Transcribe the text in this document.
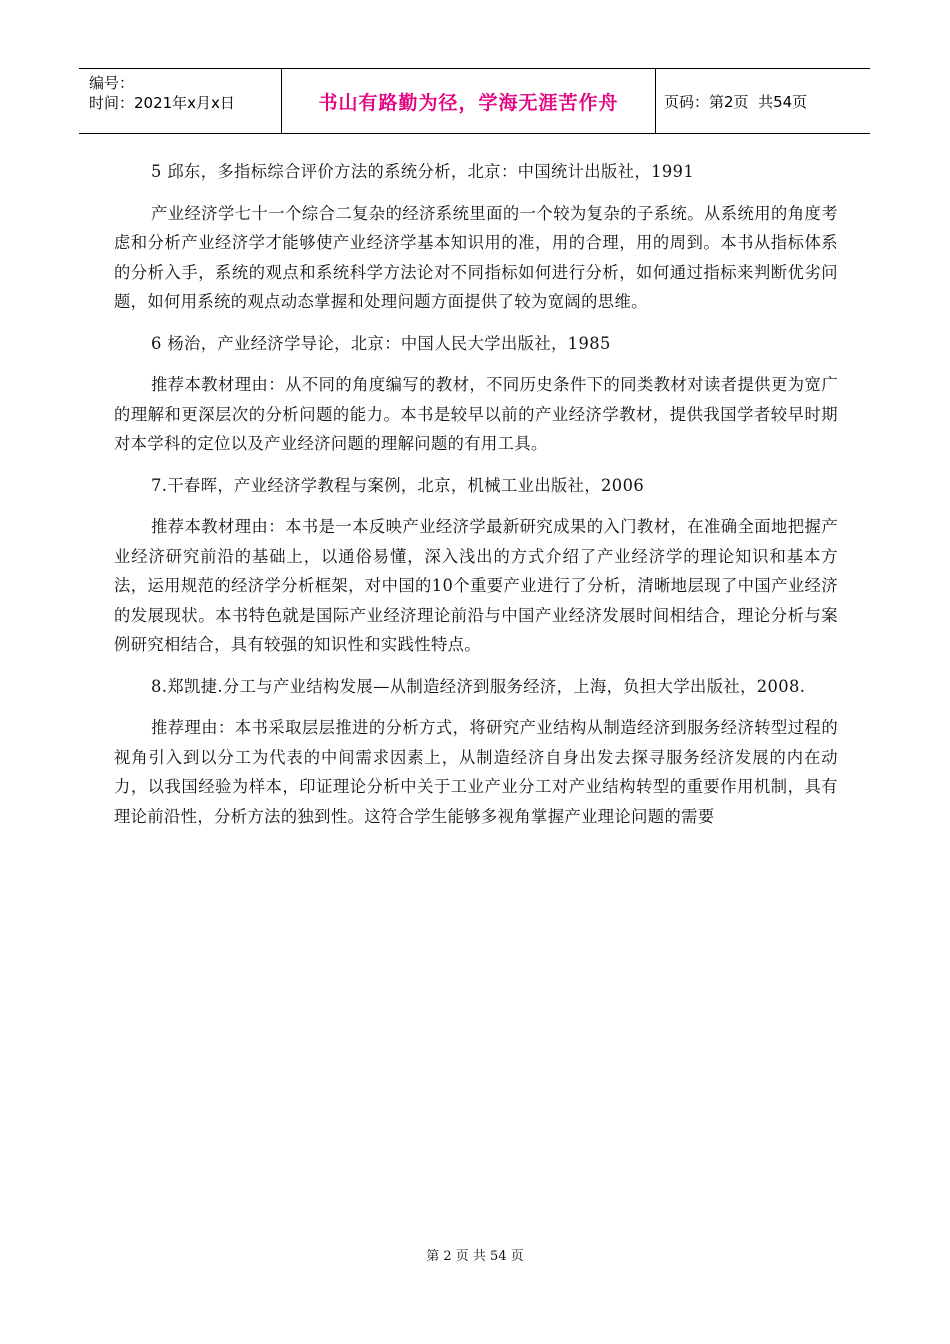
编号：
时间：2021年x月x日	书山有路勤为径，学海无涯苦作舟	页码：第2页  共54页

5 邱东，多指标综合评价方法的系统分析，北京：中国统计出版社，1991

产业经济学七十一个综合二复杂的经济系统里面的一个较为复杂的子系统。从系统用的角度考虑和分析产业经济学才能够使产业经济学基本知识用的准，用的合理，用的周到。本书从指标体系的分析入手，系统的观点和系统科学方法论对不同指标如何进行分析，如何通过指标来判断优劣问题，如何用系统的观点动态掌握和处理问题方面提供了较为宽阔的思维。

6 杨治，产业经济学导论，北京：中国人民大学出版社，1985

推荐本教材理由：从不同的角度编写的教材，不同历史条件下的同类教材对读者提供更为宽广的理解和更深层次的分析问题的能力。本书是较早以前的产业经济学教材，提供我国学者较早时期对本学科的定位以及产业经济问题的理解问题的有用工具。

7.干春晖，产业经济学教程与案例，北京，机械工业出版社，2006

推荐本教材理由：本书是一本反映产业经济学最新研究成果的入门教材，在准确全面地把握产业经济研究前沿的基础上，以通俗易懂，深入浅出的方式介绍了产业经济学的理论知识和基本方法，运用规范的经济学分析框架，对中国的10个重要产业进行了分析，清晰地层现了中国产业经济的发展现状。本书特色就是国际产业经济理论前沿与中国产业经济发展时间相结合，理论分析与案例研究相结合，具有较强的知识性和实践性特点。

8.郑凯捷.分工与产业结构发展—从制造经济到服务经济，上海，负担大学出版社，2008.

推荐理由：本书采取层层推进的分析方式，将研究产业结构从制造经济到服务经济转型过程的视角引入到以分工为代表的中间需求因素上，从制造经济自身出发去探寻服务经济发展的内在动力，以我国经验为样本，印证理论分析中关于工业产业分工对产业结构转型的重要作用机制，具有理论前沿性，分析方法的独到性。这符合学生能够多视角掌握产业理论问题的需要

第 2 页 共 54 页
